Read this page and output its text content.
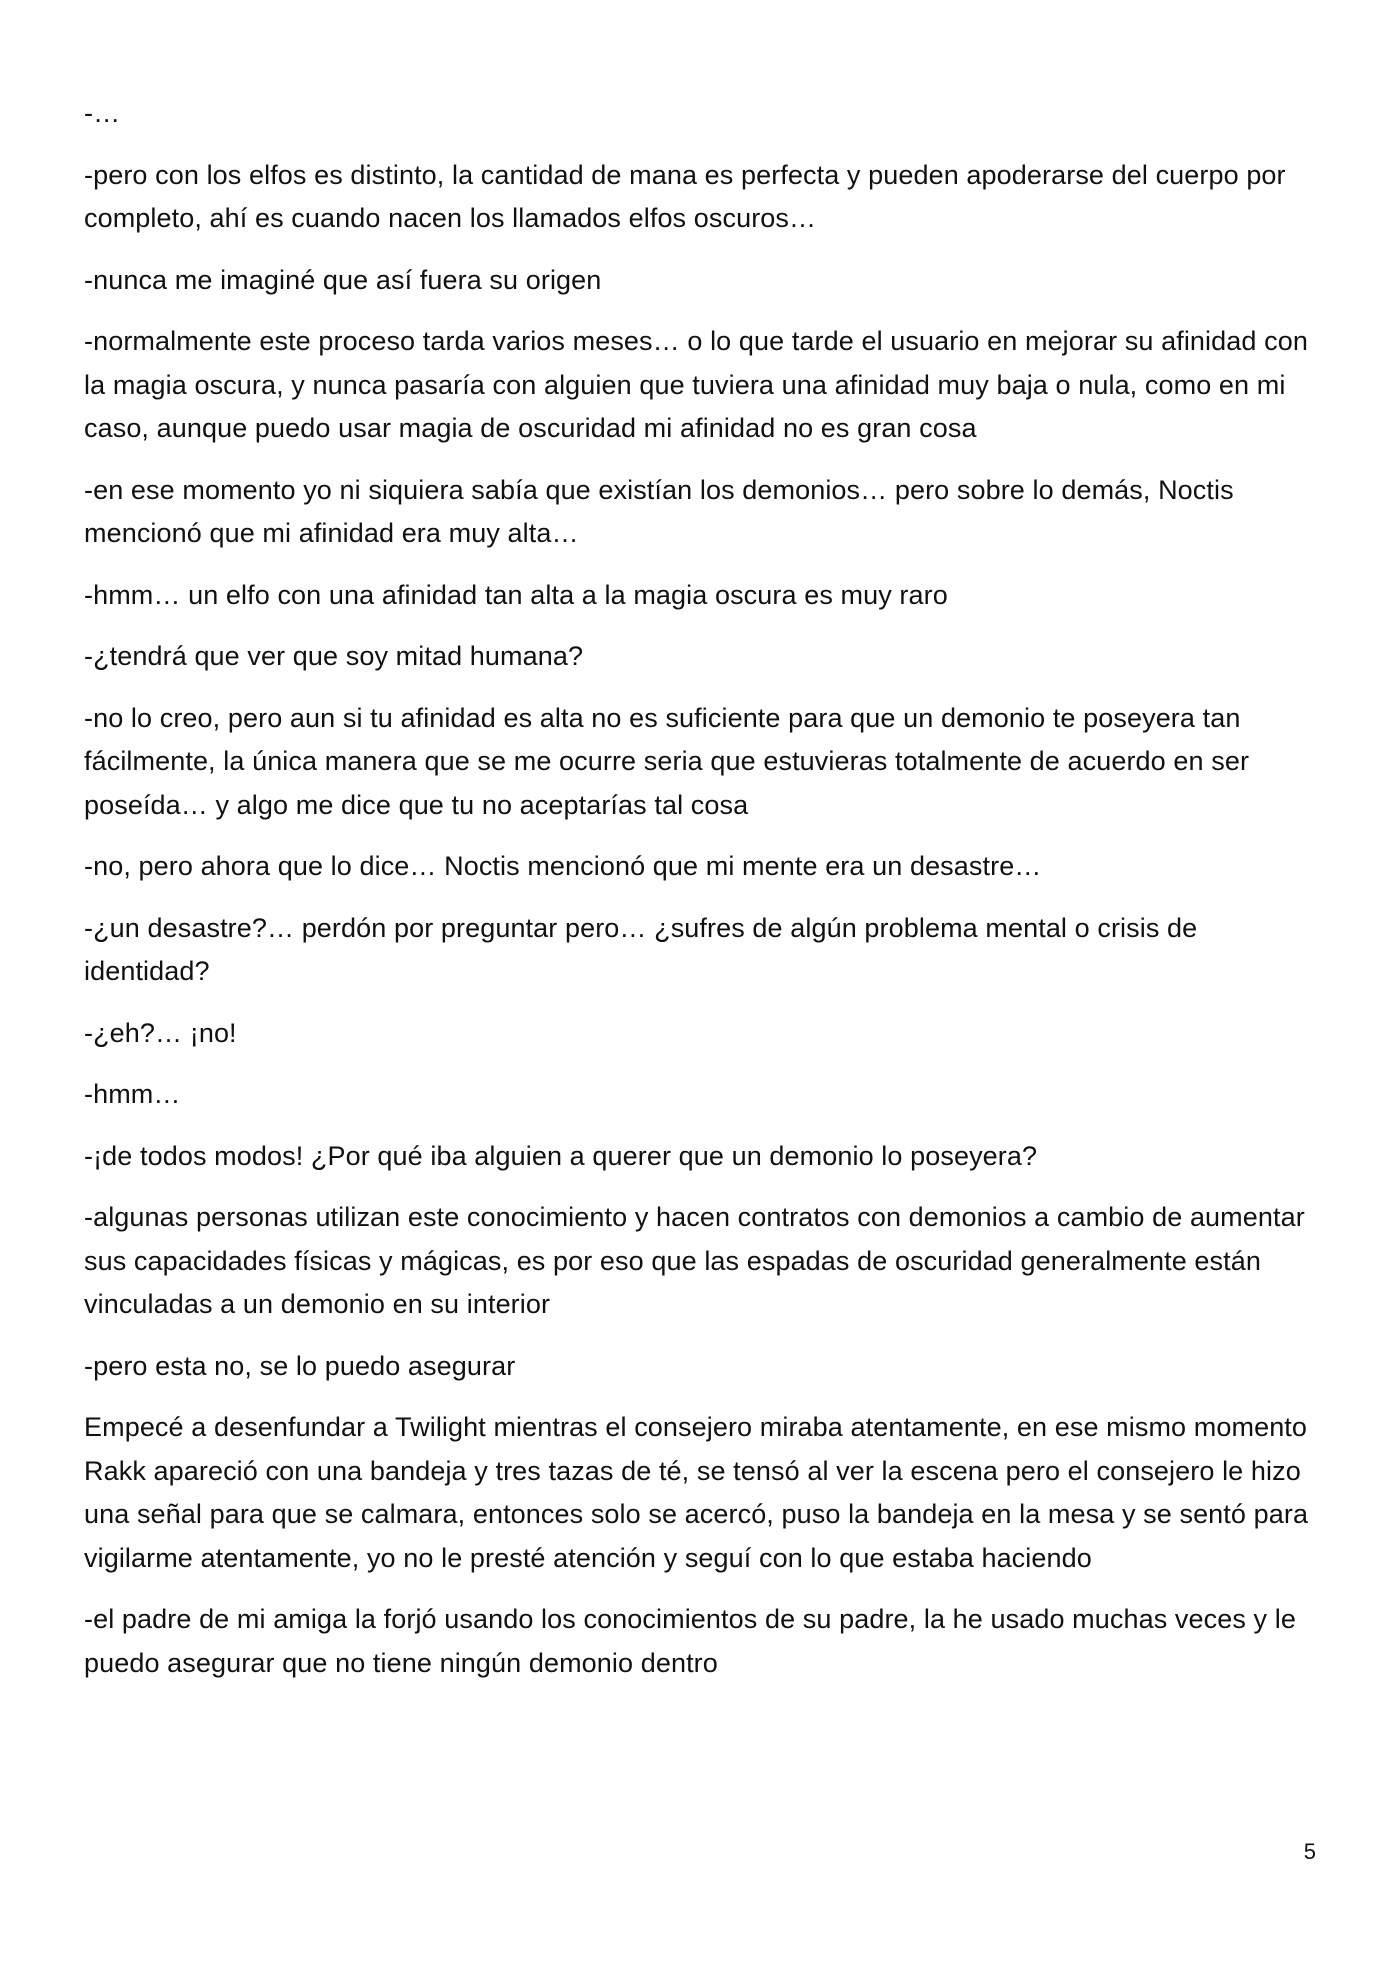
-…

-pero con los elfos es distinto, la cantidad de mana es perfecta y pueden apoderarse del cuerpo por completo, ahí es cuando nacen los llamados elfos oscuros…

-nunca me imaginé que así fuera su origen

-normalmente este proceso tarda varios meses… o lo que tarde el usuario en mejorar su afinidad con la magia oscura, y nunca pasaría con alguien que tuviera una afinidad muy baja o nula, como en mi caso, aunque puedo usar magia de oscuridad mi afinidad no es gran cosa

-en ese momento yo ni siquiera sabía que existían los demonios… pero sobre lo demás, Noctis mencionó que mi afinidad era muy alta…

-hmm… un elfo con una afinidad tan alta a la magia oscura es muy raro

-¿tendrá que ver que soy mitad humana?

-no lo creo, pero aun si tu afinidad es alta no es suficiente para que un demonio te poseyera tan fácilmente, la única manera que se me ocurre seria que estuvieras totalmente de acuerdo en ser poseída… y algo me dice que tu no aceptarías tal cosa

-no, pero ahora que lo dice… Noctis mencionó que mi mente era un desastre…

-¿un desastre?… perdón por preguntar pero… ¿sufres de algún problema mental o crisis de identidad?

-¿eh?… ¡no!

-hmm…

-¡de todos modos! ¿Por qué iba alguien a querer que un demonio lo poseyera?

-algunas personas utilizan este conocimiento y hacen contratos con demonios a cambio de aumentar sus capacidades físicas y mágicas, es por eso que las espadas de oscuridad generalmente están vinculadas a un demonio en su interior

-pero esta no, se lo puedo asegurar

Empecé a desenfundar a Twilight mientras el consejero miraba atentamente, en ese mismo momento Rakk apareció con una bandeja y tres tazas de té, se tensó al ver la escena pero el consejero le hizo una señal para que se calmara, entonces solo se acercó, puso la bandeja en la mesa y se sentó para vigilarme atentamente, yo no le presté atención y seguí con lo que estaba haciendo

-el padre de mi amiga la forjó usando los conocimientos de su padre, la he usado muchas veces y le puedo asegurar que no tiene ningún demonio dentro

5
